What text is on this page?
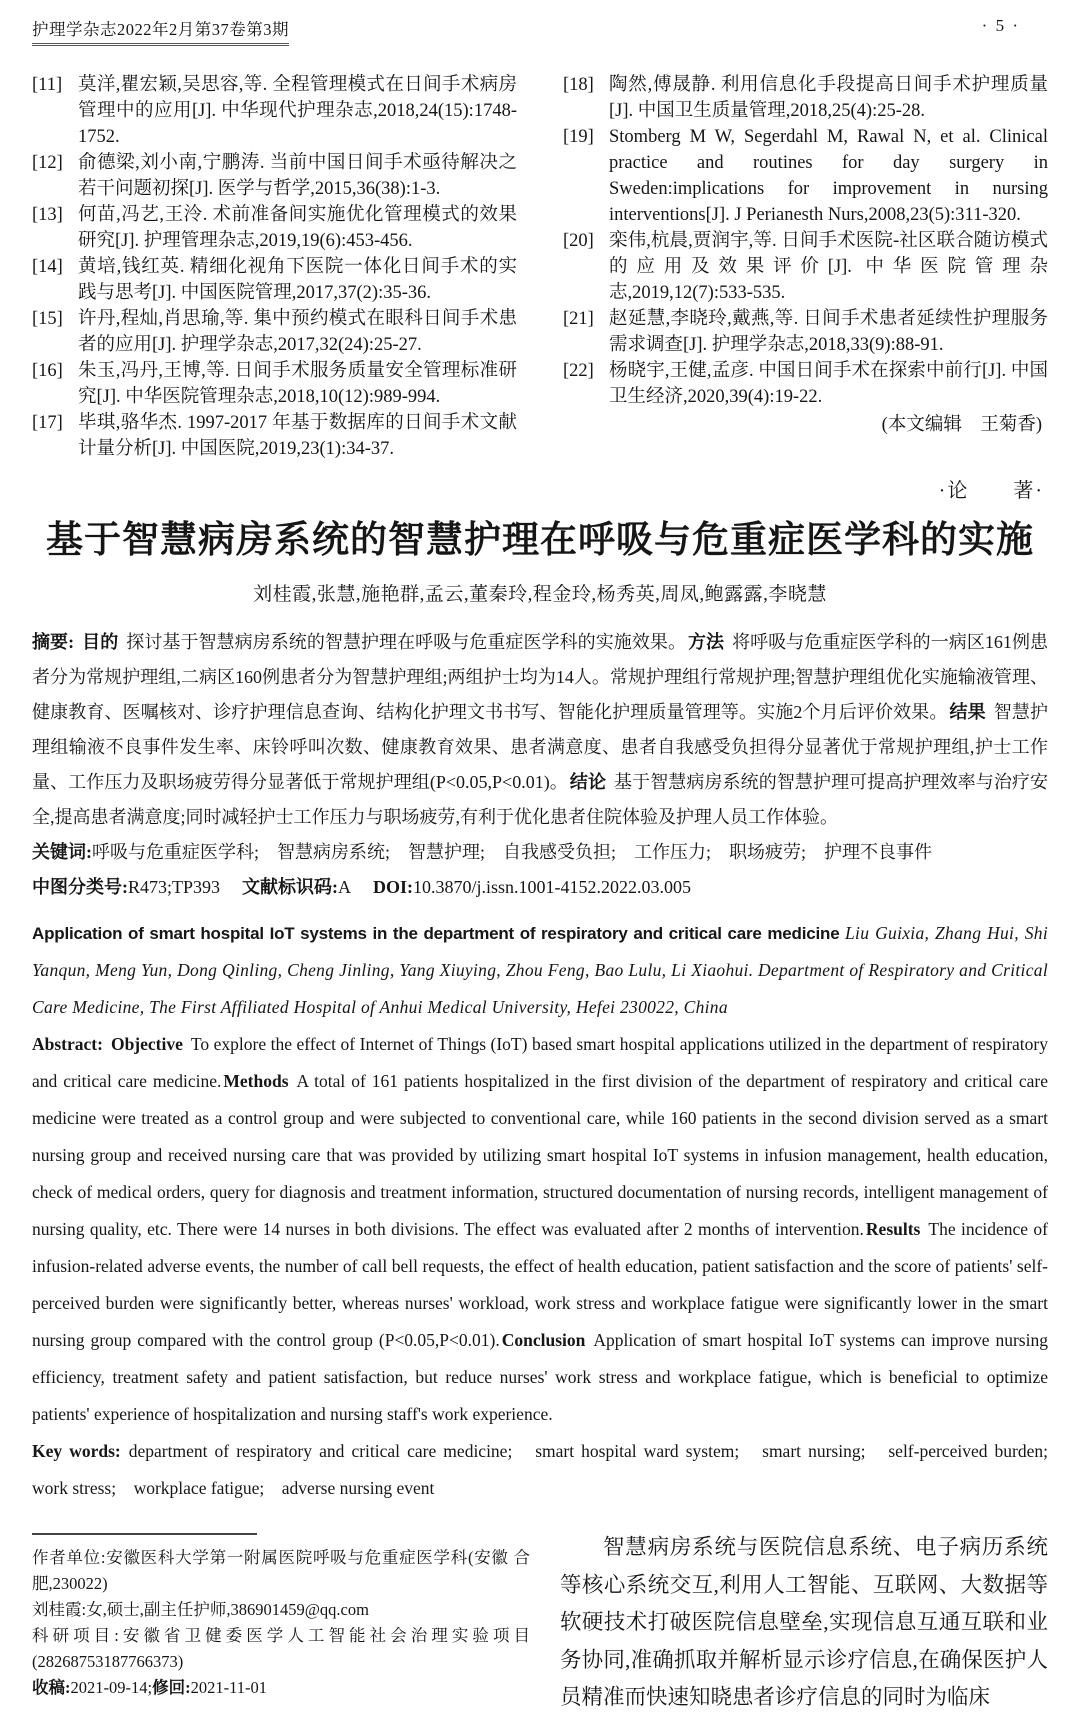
护理学杂志2022年2月第37卷第3期	· 5 ·
[11] 莫洋,瞿宏颖,吴思容,等. 全程管理模式在日间手术病房管理中的应用[J]. 中华现代护理杂志,2018,24(15):1748-1752.
[12] 俞德梁,刘小南,宁鹏涛. 当前中国日间手术亟待解决之若干问题初探[J]. 医学与哲学,2015,36(38):1-3.
[13] 何苗,冯艺,王泠. 术前准备间实施优化管理模式的效果研究[J]. 护理管理杂志,2019,19(6):453-456.
[14] 黄培,钱红英. 精细化视角下医院一体化日间手术的实践与思考[J]. 中国医院管理,2017,37(2):35-36.
[15] 许丹,程灿,肖思瑜,等. 集中预约模式在眼科日间手术患者的应用[J]. 护理学杂志,2017,32(24):25-27.
[16] 朱玉,冯丹,王博,等. 日间手术服务质量安全管理标准研究[J]. 中华医院管理杂志,2018,10(12):989-994.
[17] 毕琪,骆华杰. 1997-2017 年基于数据库的日间手术文献计量分析[J]. 中国医院,2019,23(1):34-37.
[18] 陶然,傅晟静. 利用信息化手段提高日间手术护理质量[J]. 中国卫生质量管理,2018,25(4):25-28.
[19] Stomberg M W, Segerdahl M, Rawal N, et al. Clinical practice and routines for day surgery in Sweden:implications for improvement in nursing interventions[J]. J Perianesth Nurs,2008,23(5):311-320.
[20] 栾伟,杭晨,贾润宇,等. 日间手术医院-社区联合随访模式的应用及效果评价[J]. 中华医院管理杂志,2019,12(7):533-535.
[21] 赵延慧,李晓玲,戴燕,等. 日间手术患者延续性护理服务需求调查[J]. 护理学杂志,2018,33(9):88-91.
[22] 杨晓宇,王健,孟彦. 中国日间手术在探索中前行[J]. 中国卫生经济,2020,39(4):19-22.
(本文编辑　王菊香)
·论　　著·
基于智慧病房系统的智慧护理在呼吸与危重症医学科的实施
刘桂霞,张慧,施艳群,孟云,董秦玲,程金玲,杨秀英,周凤,鲍露露,李晓慧

摘要: 目的 探讨基于智慧病房系统的智慧护理在呼吸与危重症医学科的实施效果。 方法 将呼吸与危重症医学科的一病区161例患者分为常规护理组,二病区160例患者分为智慧护理组;两组护士均为14人。常规护理组行常规护理;智慧护理组优化实施输液管理、健康教育、医嘱核对、诊疗护理信息查询、结构化护理文书书写、智能化护理质量管理等。实施2个月后评价效果。 结果 智慧护理组输液不良事件发生率、床铃呼叫次数、健康教育效果、患者满意度、患者自我感受负担得分显著优于常规护理组,护士工作量、工作压力及职场疲劳得分显著低于常规护理组(P<0.05,P<0.01)。 结论 基于智慧病房系统的智慧护理可提高护理效率与治疗安全,提高患者满意度;同时减轻护士工作压力与职场疲劳,有利于优化患者住院体验及护理人员工作体验。

关键词:呼吸与危重症医学科;　智慧病房系统;　智慧护理;　自我感受负担;　工作压力;　职场疲劳;　护理不良事件
中图分类号:R473;TP393 文献标识码:A DOI:10.3870/j.issn.1001-4152.2022.03.005

Application of smart hospital IoT systems in the department of respiratory and critical care medicine Liu Guixia, Zhang Hui, Shi Yanqun, Meng Yun, Dong Qinling, Cheng Jinling, Yang Xiuying, Zhou Feng, Bao Lulu, Li Xiaohui. Department of Respiratory and Critical Care Medicine, The First Affiliated Hospital of Anhui Medical University, Hefei 230022, China

Abstract: Objective To explore the effect of Internet of Things (IoT) based smart hospital applications utilized in the department of respiratory and critical care medicine. Methods A total of 161 patients hospitalized in the first division of the department of respiratory and critical care medicine were treated as a control group and were subjected to conventional care, while 160 patients in the second division served as a smart nursing group and received nursing care that was provided by utilizing smart hospital IoT systems in infusion management, health education, check of medical orders, query for diagnosis and treatment information, structured documentation of nursing records, intelligent management of nursing quality, etc. There were 14 nurses in both divisions. The effect was evaluated after 2 months of intervention. Results The incidence of infusion-related adverse events, the number of call bell requests, the effect of health education, patient satisfaction and the score of patients' self-perceived burden were significantly better, whereas nurses' workload, work stress and workplace fatigue were significantly lower in the smart nursing group compared with the control group (P<0.05,P<0.01). Conclusion Application of smart hospital IoT systems can improve nursing efficiency, treatment safety and patient satisfaction, but reduce nurses' work stress and workplace fatigue, which is beneficial to optimize patients' experience of hospitalization and nursing staff's work experience.

Key words: department of respiratory and critical care medicine;　smart hospital ward system;　smart nursing;　self-perceived burden;　work stress;　workplace fatigue;　adverse nursing event

作者单位:安徽医科大学第一附属医院呼吸与危重症医学科(安徽 合肥,230022)
刘桂霞:女,硕士,副主任护师,386901459@qq.com
科研项目:安徽省卫健委医学人工智能社会治理实验项目(28268753187766373)
收稿:2021-09-14;修回:2021-11-01

智慧病房系统与医院信息系统、电子病历系统等核心系统交互,利用人工智能、互联网、大数据等软硬技术打破医院信息壁垒,实现信息互通互联和业务协同,准确抓取并解析显示诊疗信息,在确保医护人员精准而快速知晓患者诊疗信息的同时为临床
